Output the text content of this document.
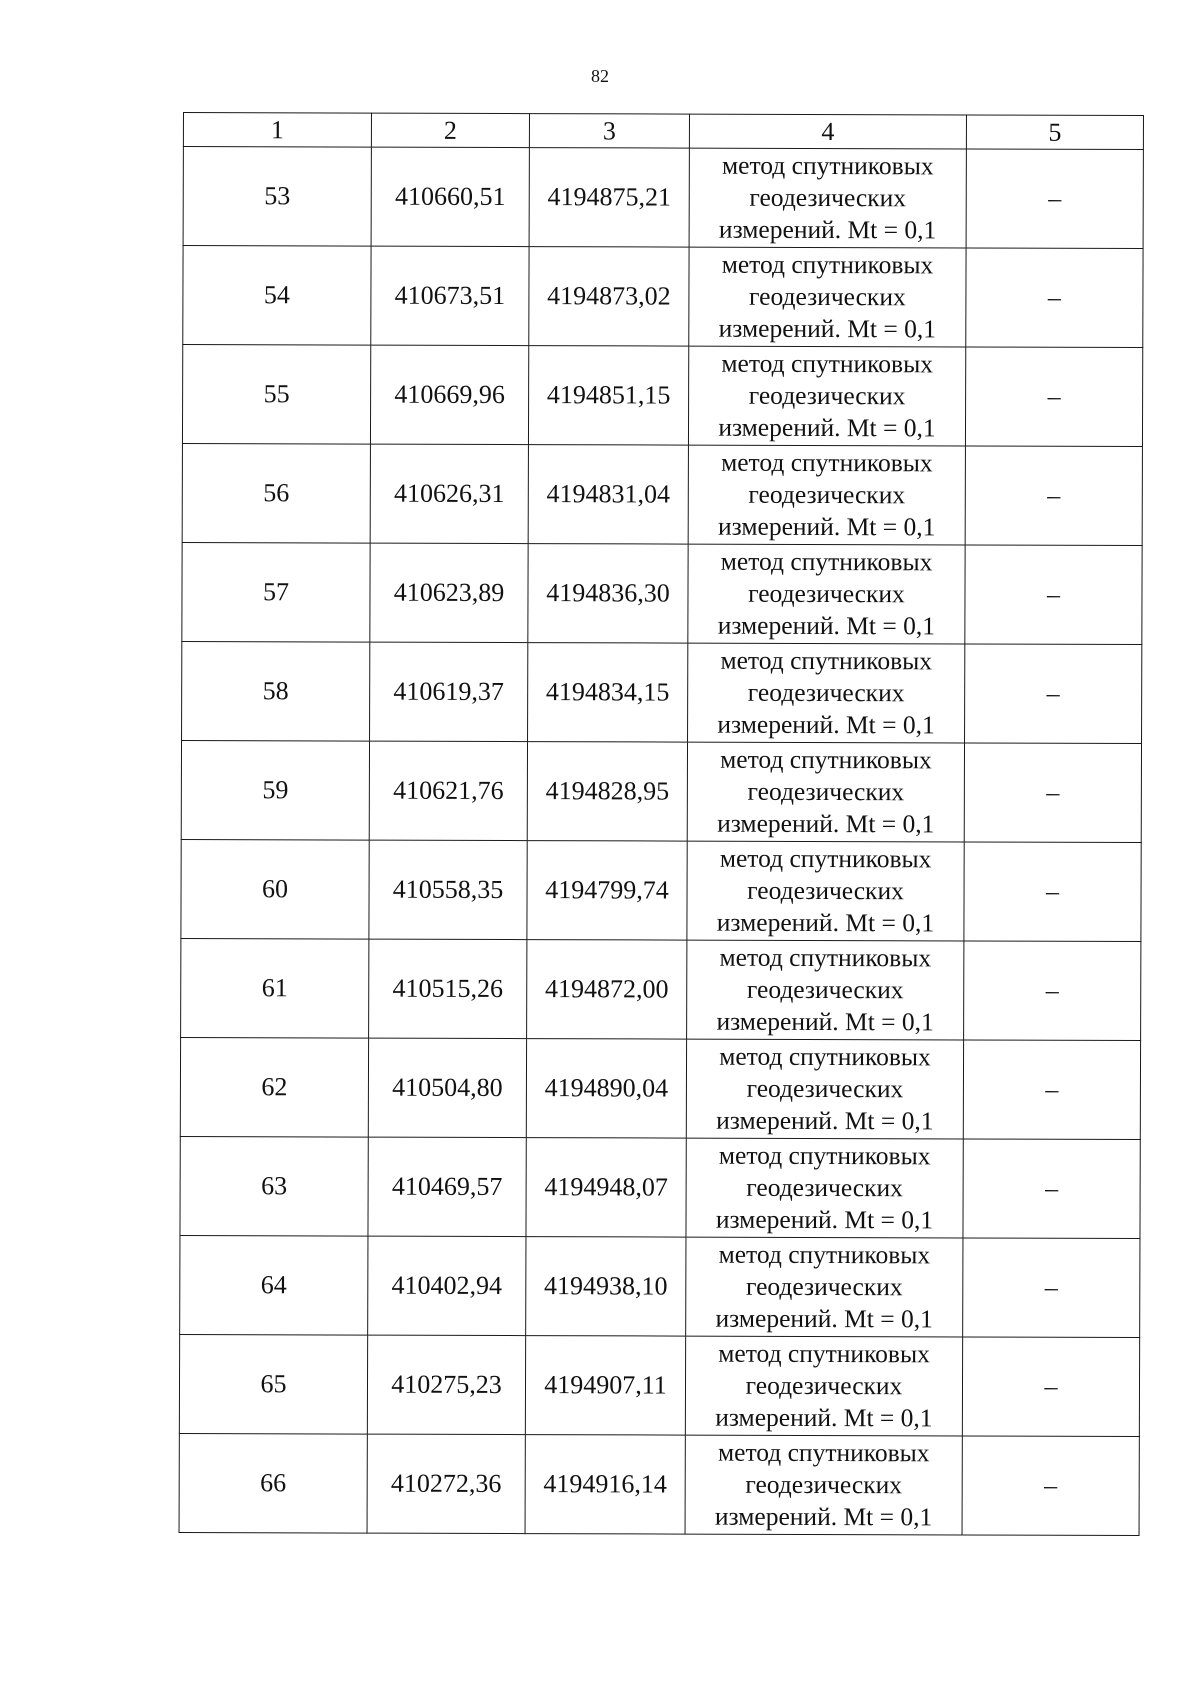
82
1	2	3	4	5
53	410660,51	4194875,21	метод спутниковых
геодезических
измерений. Mt = 0,1	–
54	410673,51	4194873,02	метод спутниковых
геодезических
измерений. Mt = 0,1	–
55	410669,96	4194851,15	метод спутниковых
геодезических
измерений. Mt = 0,1	–
56	410626,31	4194831,04	метод спутниковых
геодезических
измерений. Mt = 0,1	–
57	410623,89	4194836,30	метод спутниковых
геодезических
измерений. Mt = 0,1	–
58	410619,37	4194834,15	метод спутниковых
геодезических
измерений. Mt = 0,1	–
59	410621,76	4194828,95	метод спутниковых
геодезических
измерений. Mt = 0,1	–
60	410558,35	4194799,74	метод спутниковых
геодезических
измерений. Mt = 0,1	–
61	410515,26	4194872,00	метод спутниковых
геодезических
измерений. Mt = 0,1	–
62	410504,80	4194890,04	метод спутниковых
геодезических
измерений. Mt = 0,1	–
63	410469,57	4194948,07	метод спутниковых
геодезических
измерений. Mt = 0,1	–
64	410402,94	4194938,10	метод спутниковых
геодезических
измерений. Mt = 0,1	–
65	410275,23	4194907,11	метод спутниковых
геодезических
измерений. Mt = 0,1	–
66	410272,36	4194916,14	метод спутниковых
геодезических
измерений. Mt = 0,1	–
